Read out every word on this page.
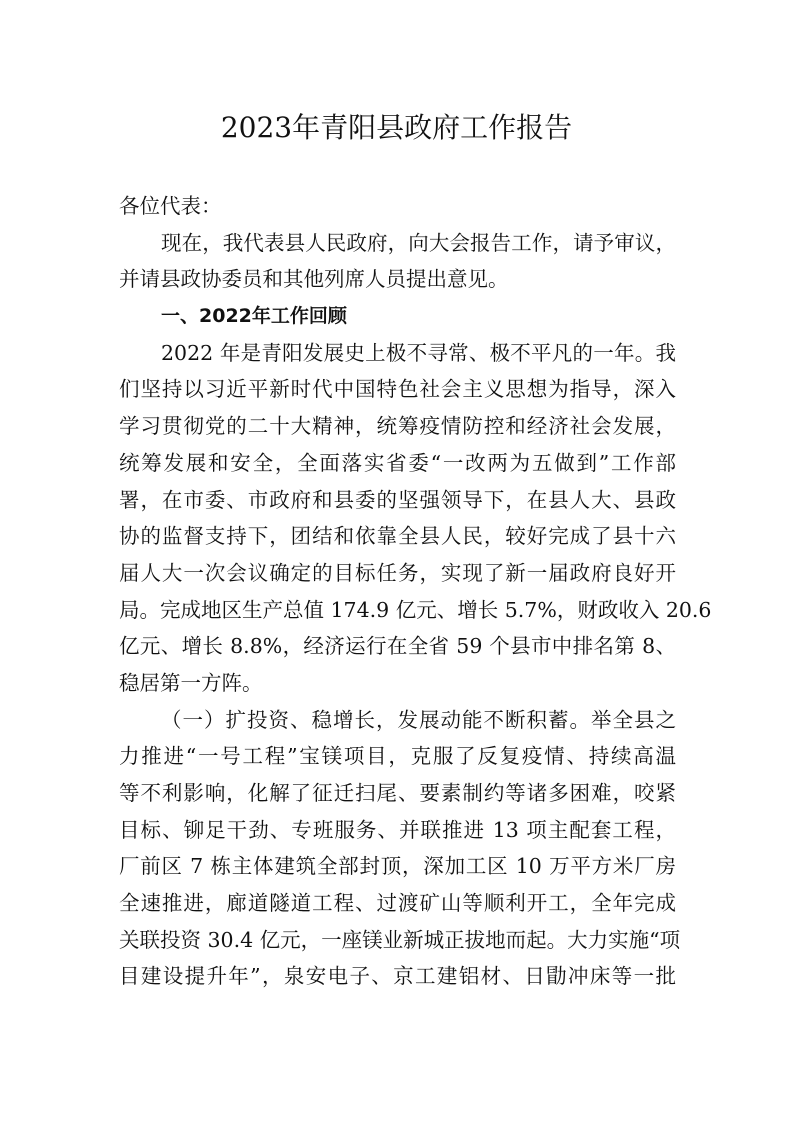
2023年青阳县政府工作报告
各位代表：
现在，我代表县人民政府，向大会报告工作，请予审议，
并请县政协委员和其他列席人员提出意见。
一、2022年工作回顾
2022 年是青阳发展史上极不寻常、极不平凡的一年。我
们坚持以习近平新时代中国特色社会主义思想为指导，深入
学习贯彻党的二十大精神，统筹疫情防控和经济社会发展，
统筹发展和安全，全面落实省委“一改两为五做到”工作部
署，在市委、市政府和县委的坚强领导下，在县人大、县政
协的监督支持下，团结和依靠全县人民，较好完成了县十六
届人大一次会议确定的目标任务，实现了新一届政府良好开
局。完成地区生产总值 174.9 亿元、增长 5.7%，财政收入 20.6
亿元、增长 8.8%，经济运行在全省 59 个县市中排名第 8、
稳居第一方阵。
（一）扩投资、稳增长，发展动能不断积蓄。举全县之
力推进“一号工程”宝镁项目，克服了反复疫情、持续高温
等不利影响，化解了征迁扫尾、要素制约等诸多困难，咬紧
目标、铆足干劲、专班服务、并联推进 13 项主配套工程，
厂前区 7 栋主体建筑全部封顶，深加工区 10 万平方米厂房
全速推进，廊道隧道工程、过渡矿山等顺利开工，全年完成
关联投资 30.4 亿元，一座镁业新城正拔地而起。大力实施“项
目建设提升年”，泉安电子、京工建铝材、日勖冲床等一批
